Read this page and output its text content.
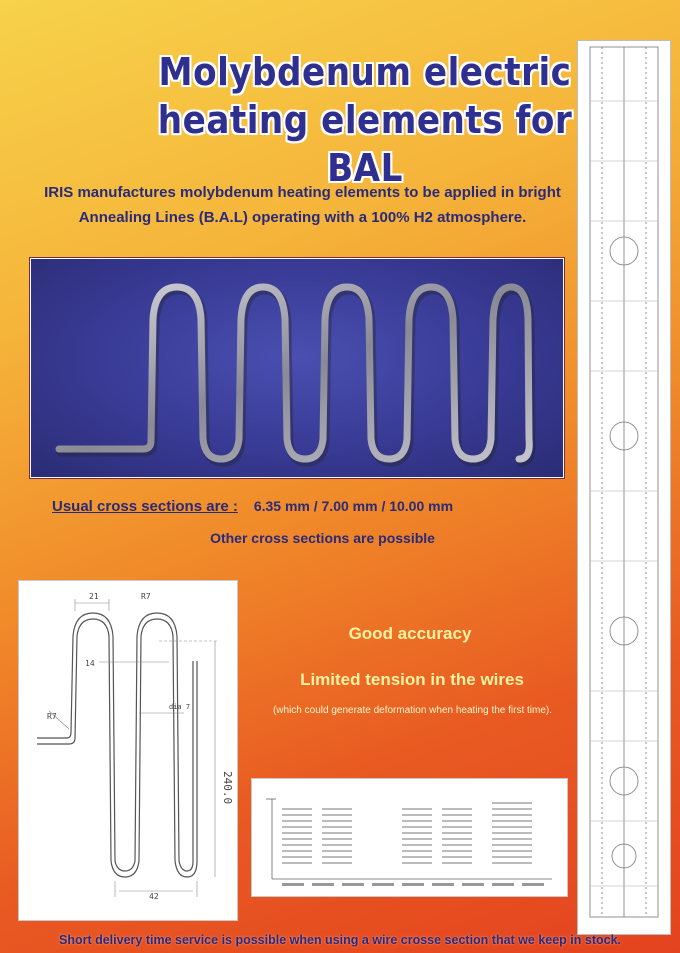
Molybdenum electric
heating elements for BAL
IRIS manufactures molybdenum heating elements to be applied in bright
Annealing Lines (B.A.L) operating with a 100% H2 atmosphere.
Usual cross sections are : 6.35 mm / 7.00 mm / 10.00 mm
Other cross sections are possible
21	R7
14
R7
dia 7
240.0
42
Good accuracy
Limited tension in the wires
(which could generate deformation when heating the first time).
Short delivery time service is possible when using a wire crosse section that we keep in stock.
